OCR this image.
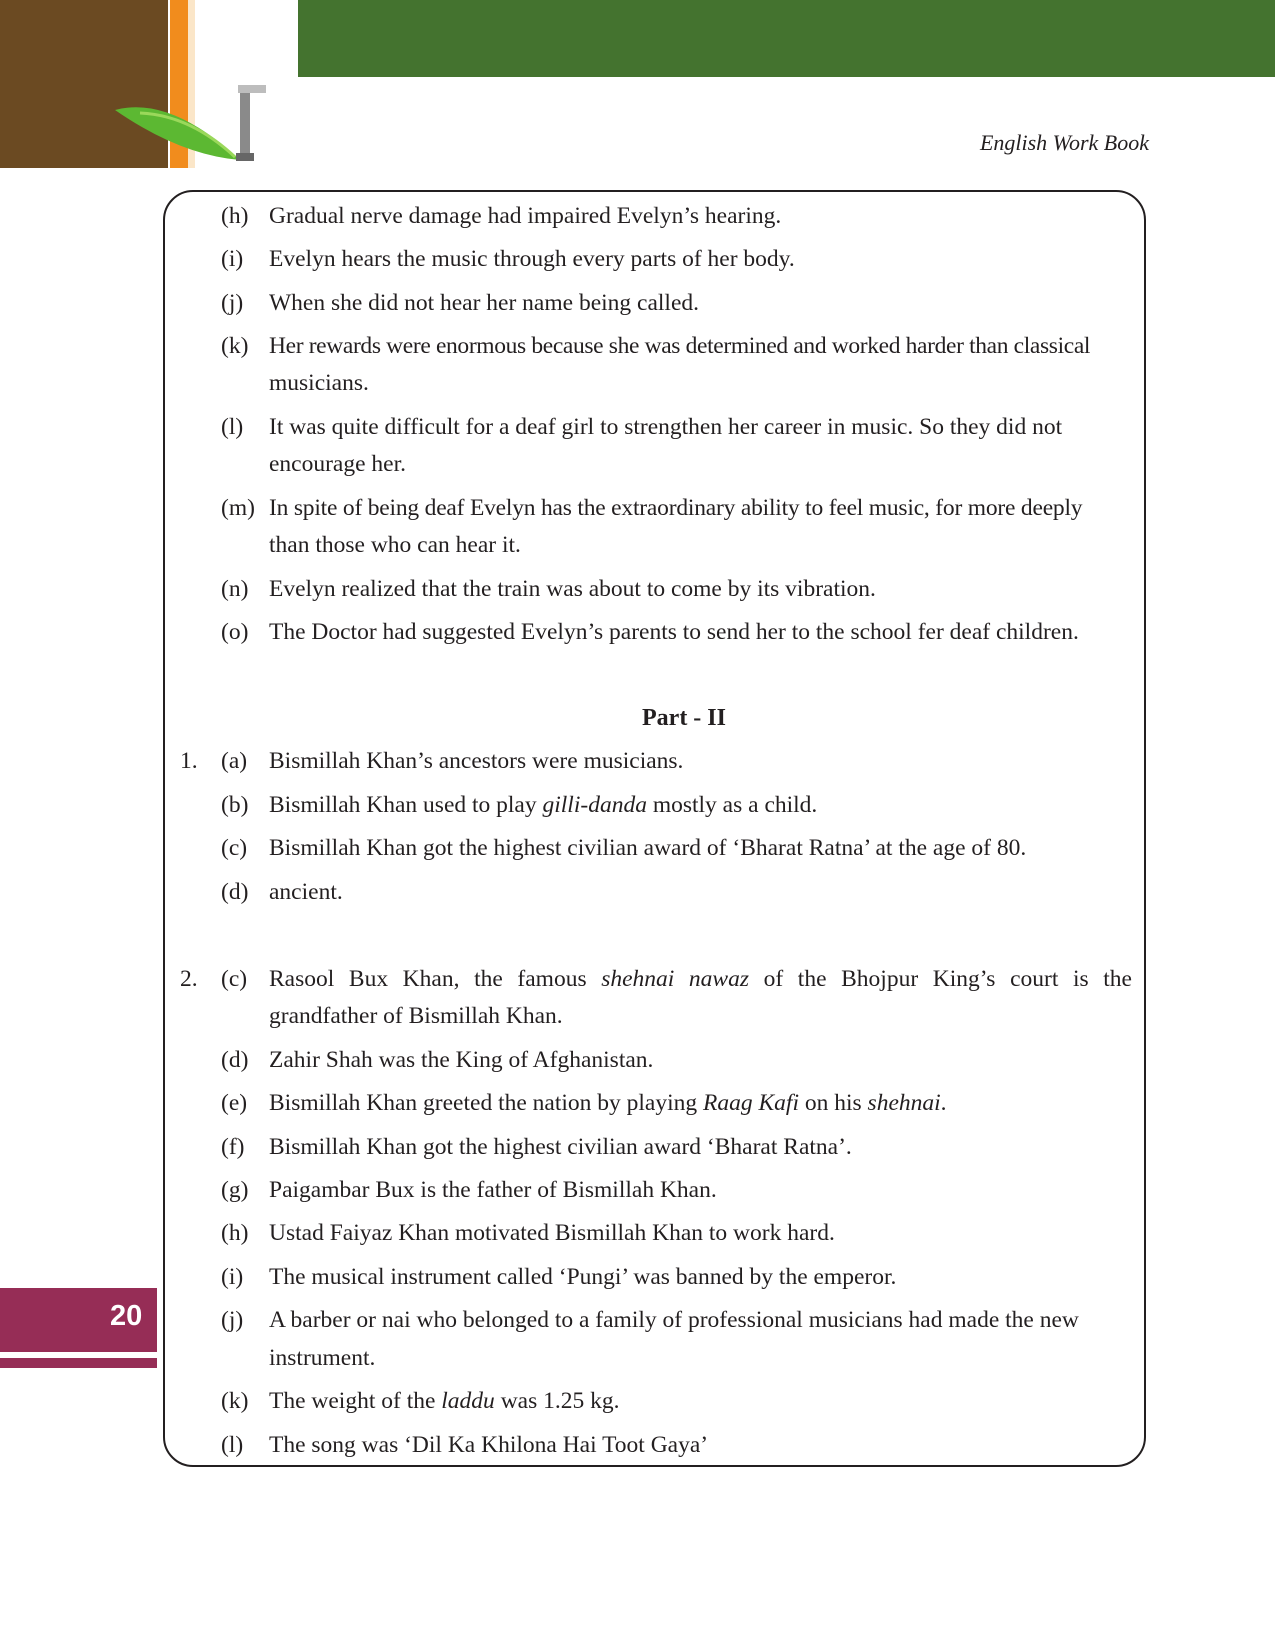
English Work Book
(h) Gradual nerve damage had impaired Evelyn’s hearing.
(i) Evelyn hears the music through every parts of her body.
(j) When she did not hear her name being called.
(k) Her rewards were enormous because she was determined and worked harder than classical
musicians.
(l) It was quite difficult for a deaf girl to strengthen her career in music. So they did not
encourage her.
(m) In spite of being deaf Evelyn has the extraordinary ability to feel music, for more deeply
than those who can hear it.
(n) Evelyn realized that the train was about to come by its vibration.
(o) The Doctor had suggested Evelyn’s parents to send her to the school fer deaf children.
Part - II
1. (a) Bismillah Khan’s ancestors were musicians.
(b) Bismillah Khan used to play gilli-danda mostly as a child.
(c) Bismillah Khan got the highest civilian award of ‘Bharat Ratna’ at the age of 80.
(d) ancient.
2. (c) Rasool Bux Khan, the famous shehnai nawaz of the Bhojpur King’s court is the
grandfather of Bismillah Khan.
(d) Zahir Shah was the King of Afghanistan.
(e) Bismillah Khan greeted the nation by playing Raag Kafi on his shehnai.
(f) Bismillah Khan got the highest civilian award ‘Bharat Ratna’.
(g) Paigambar Bux is the father of Bismillah Khan.
(h) Ustad Faiyaz Khan motivated Bismillah Khan to work hard.
(i) The musical instrument called ‘Pungi’ was banned by the emperor.
(j) A barber or nai who belonged to a family of professional musicians had made the new
instrument.
(k) The weight of the laddu was 1.25 kg.
(l) The song was ‘Dil Ka Khilona Hai Toot Gaya’
20
